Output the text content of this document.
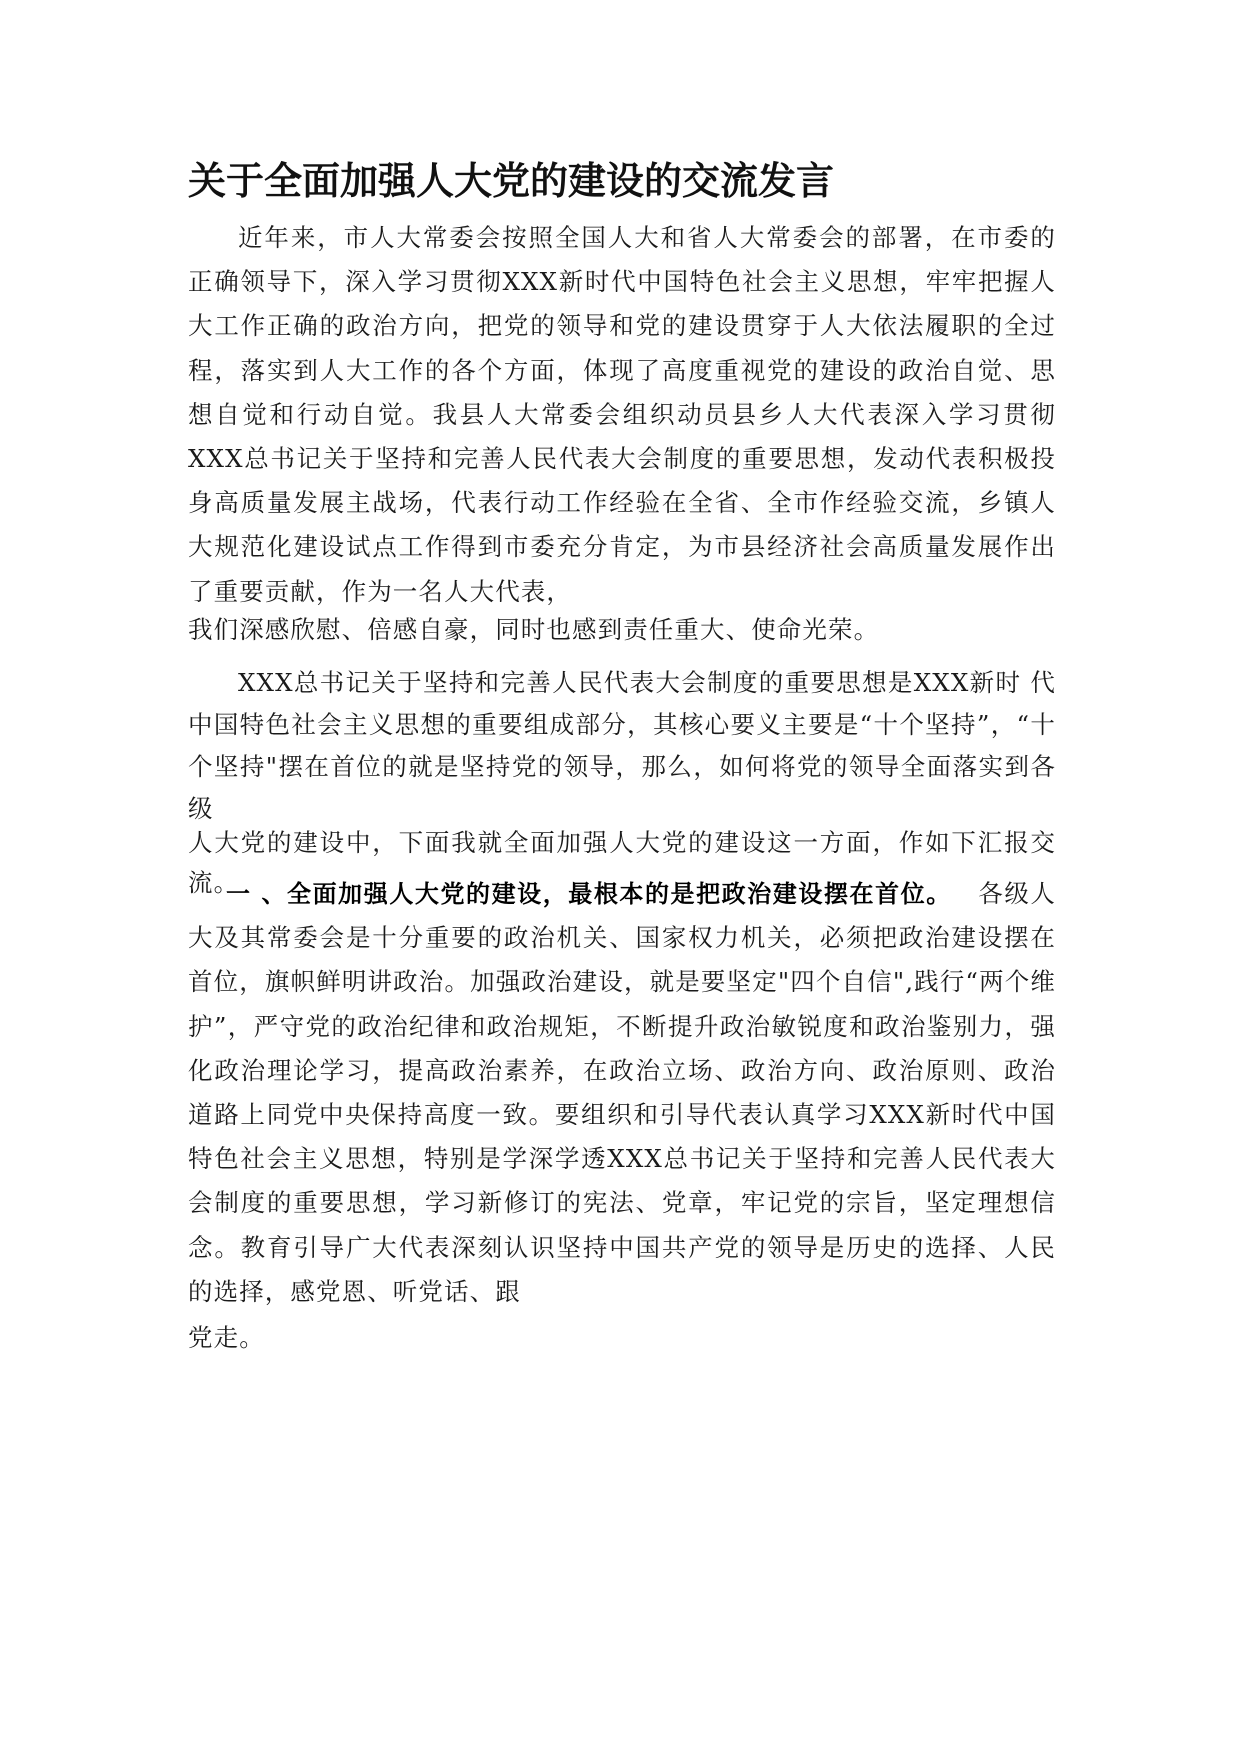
关于全面加强人大党的建设的交流发言

近年来，市人大常委会按照全国人大和省人大常委会的部署，在市委的正确领导下，深入学习贯彻XXX新时代中国特色社会主义思想，牢牢把握人大工作正确的政治方向，把党的领导和党的建设贯穿于人大依法履职的全过程，落实到人大工作的各个方面，体现了高度重视党的建设的政治自觉、思想自觉和行动自觉。我县人大常委会组织动员县乡人大代表深入学习贯彻XXX总书记关于坚持和完善人民代表大会制度的重要思想，发动代表积极投身高质量发展主战场，代表行动工作经验在全省、全市作经验交流，乡镇人大规范化建设试点工作得到市委充分肯定，为市县经济社会高质量发展作出了重要贡献，作为一名人大代表，

我们深感欣慰、倍感自豪，同时也感到责任重大、使命光荣。

XXX总书记关于坚持和完善人民代表大会制度的重要思想是XXX新时 代中国特色社会主义思想的重要组成部分，其核心要义主要是“十个坚持”，“十个坚持"摆在首位的就是坚持党的领导，那么，如何将党的领导全面落实到各级

人大党的建设中，下面我就全面加强人大党的建设这一方面，作如下汇报交流。

一 、全面加强人大党的建设，最根本的是把政治建设摆在首位。 各级人大及其常委会是十分重要的政治机关、国家权力机关，必须把政治建设摆在首位，旗帜鲜明讲政治。加强政治建设，就是要坚定"四个自信",践行“两个维护”，严守党的政治纪律和政治规矩，不断提升政治敏锐度和政治鉴别力，强化政治理论学习，提高政治素养，在政治立场、政治方向、政治原则、政治道路上同党中央保持高度一致。要组织和引导代表认真学习XXX新时代中国特色社会主义思想，特别是学深学透XXX总书记关于坚持和完善人民代表大会制度的重要思想，学习新修订的宪法、党章，牢记党的宗旨，坚定理想信念。教育引导广大代表深刻认识坚持中国共产党的领导是历史的选择、人民的选择，感党恩、听党话、跟

党走。
